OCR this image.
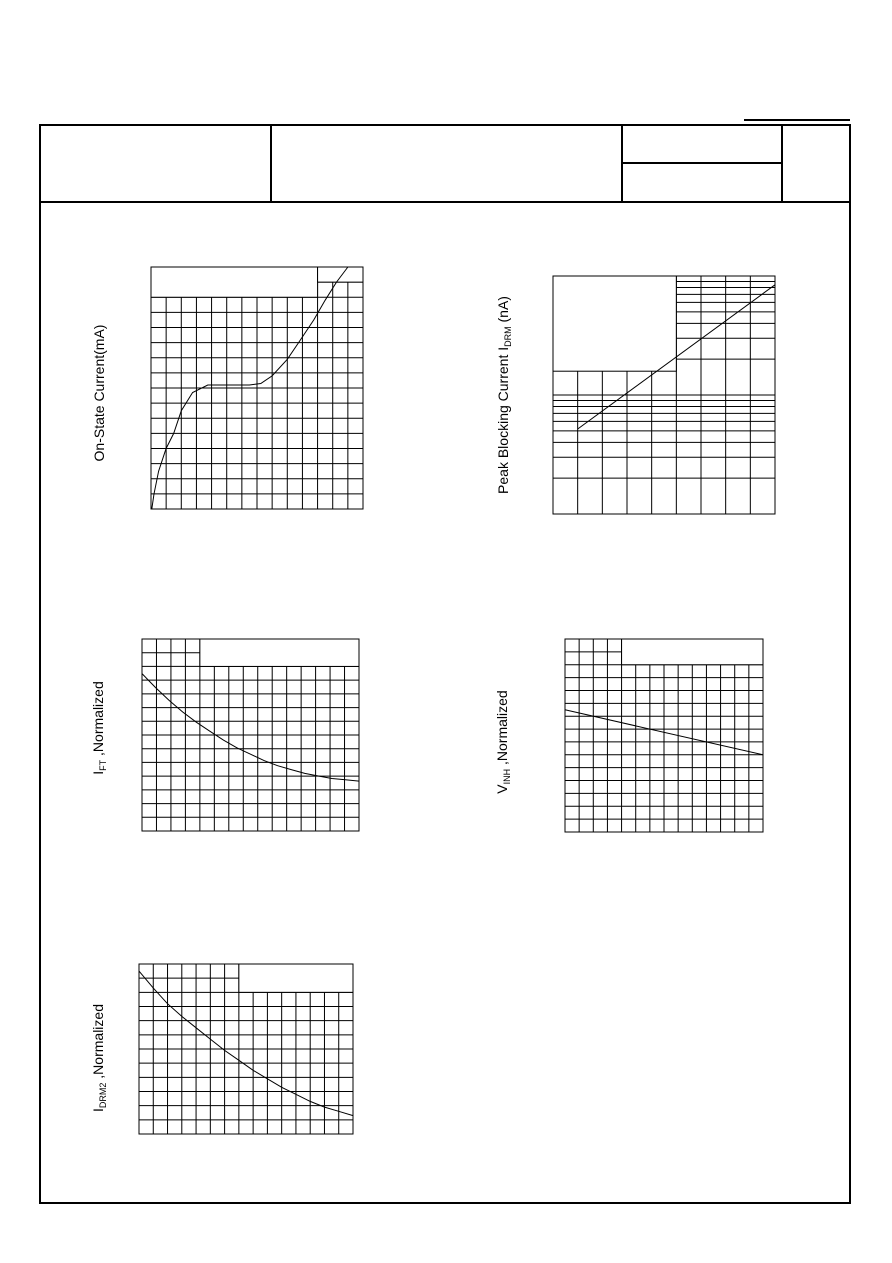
On-State Current(mA)	Peak Blocking Current $I_{DRM}$ (nA)
$I_{FT}$ ,Normalized
$V_{INH}$ ,Normalized
$I_{DRM2}$ ,Normalized
